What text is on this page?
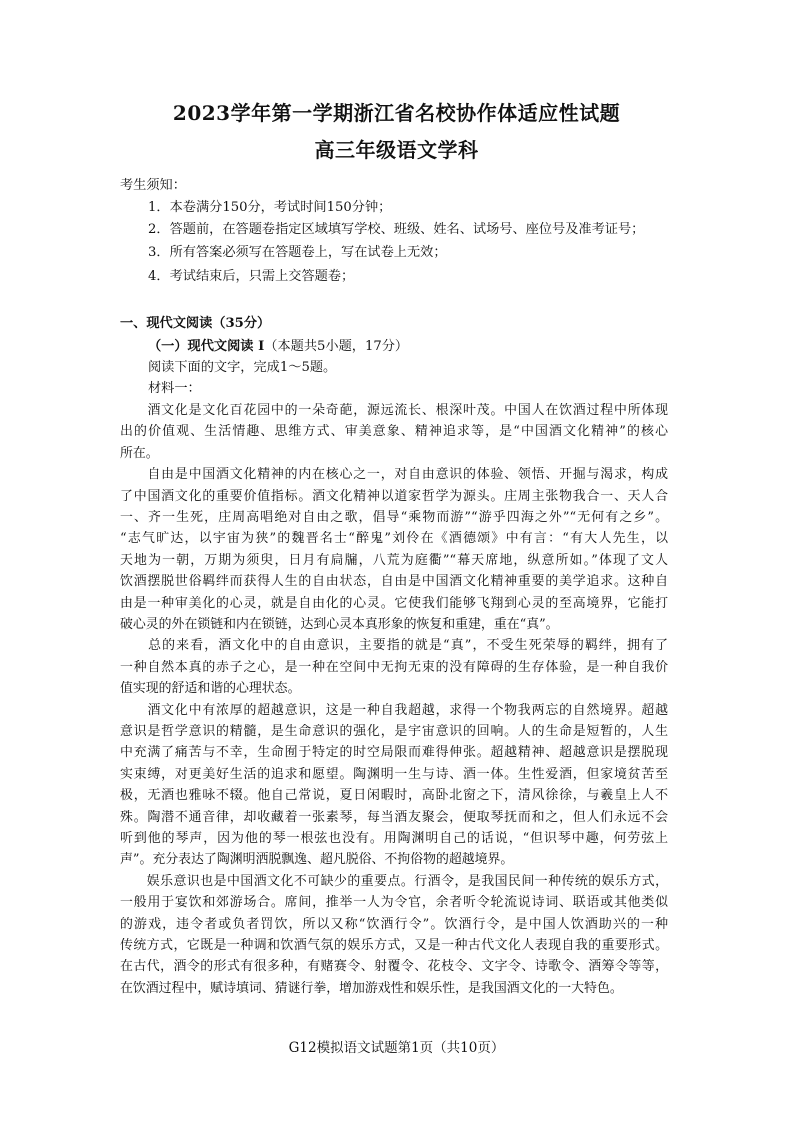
2023学年第一学期浙江省名校协作体适应性试题
高三年级语文学科
考生须知：
1．本卷满分150分，考试时间150分钟；
2．答题前，在答题卷指定区域填写学校、班级、姓名、试场号、座位号及准考证号；
3．所有答案必须写在答题卷上，写在试卷上无效；
4．考试结束后，只需上交答题卷；
一、现代文阅读（35分）
（一）现代文阅读 I（本题共5小题，17分）
阅读下面的文字，完成1～5题。
材料一：
　　酒文化是文化百花园中的一朵奇葩，源远流长、根深叶茂。中国人在饮酒过程中所体现
出的价值观、生活情趣、思维方式、审美意象、精神追求等，是“中国酒文化精神”的核心
所在。
　　自由是中国酒文化精神的内在核心之一，对自由意识的体验、领悟、开掘与渴求，构成
了中国酒文化的重要价值指标。酒文化精神以道家哲学为源头。庄周主张物我合一、天人合
一、齐一生死，庄周高唱绝对自由之歌，倡导“乘物而游”“游乎四海之外”“无何有之乡”。
“志气旷达，以宇宙为狭”的魏晋名士“醉鬼”刘伶在《酒德颂》中有言：“有大人先生，以
天地为一朝，万期为须臾，日月有扃牖，八荒为庭衢”“幕天席地，纵意所如。”体现了文人
饮酒摆脱世俗羁绊而获得人生的自由状态，自由是中国酒文化精神重要的美学追求。这种自
由是一种审美化的心灵，就是自由化的心灵。它使我们能够飞翔到心灵的至高境界，它能打
破心灵的外在锁链和内在锁链，达到心灵本真形象的恢复和重建，重在“真”。
　　总的来看，酒文化中的自由意识，主要指的就是“真”，不受生死荣辱的羁绊，拥有了
一种自然本真的赤子之心，是一种在空间中无拘无束的没有障碍的生存体验，是一种自我价
值实现的舒适和谐的心理状态。
　　酒文化中有浓厚的超越意识，这是一种自我超越，求得一个物我两忘的自然境界。超越
意识是哲学意识的精髓，是生命意识的强化，是宇宙意识的回响。人的生命是短暂的，人生
中充满了痛苦与不幸，生命囿于特定的时空局限而难得伸张。超越精神、超越意识是摆脱现
实束缚，对更美好生活的追求和愿望。陶渊明一生与诗、酒一体。生性爱酒，但家境贫苦至
极，无酒也雅咏不辍。他自己常说，夏日闲暇时，高卧北窗之下，清风徐徐，与羲皇上人不
殊。陶潜不通音律，却收藏着一张素琴，每当酒友聚会，便取琴抚而和之，但人们永远不会
听到他的琴声，因为他的琴一根弦也没有。用陶渊明自己的话说，“但识琴中趣，何劳弦上
声”。充分表达了陶渊明洒脱飘逸、超凡脱俗、不拘俗物的超越境界。
　　娱乐意识也是中国酒文化不可缺少的重要点。行酒令，是我国民间一种传统的娱乐方式，
一般用于宴饮和郊游场合。席间，推举一人为令官，余者听令轮流说诗词、联语或其他类似
的游戏，违令者或负者罚饮，所以又称“饮酒行令”。饮酒行令，是中国人饮酒助兴的一种
传统方式，它既是一种调和饮酒气氛的娱乐方式，又是一种古代文化人表现自我的重要形式。
在古代，酒令的形式有很多种，有赌赛令、射覆令、花枝令、文字令、诗歌令、酒筹令等等，
在饮酒过程中，赋诗填词、猜谜行拳，增加游戏性和娱乐性，是我国酒文化的一大特色。
G12模拟语文试题第1页（共10页）
